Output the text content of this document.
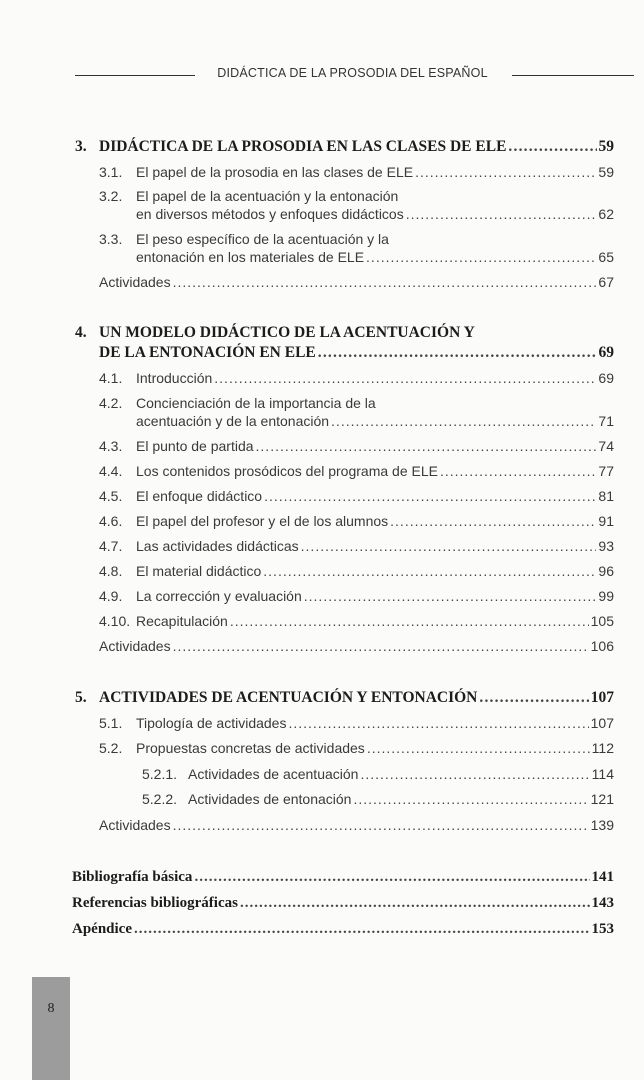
DIDÁCTICA DE LA PROSODIA DEL ESPAÑOL
3. DIDÁCTICA DE LA PROSODIA EN LAS CLASES DE ELE .....	59
3.1. El papel de la prosodia en las clases de ELE .....	59
3.2. El papel de la acentuación y la entonación
en diversos métodos y enfoques didácticos .....	62
3.3. El peso específico de la acentuación y la
entonación en los materiales de ELE .....	65
Actividades .....	67
4. UN MODELO DIDÁCTICO DE LA ACENTUACIÓN Y
DE LA ENTONACIÓN EN ELE .....	69
4.1. Introducción .....	69
4.2. Concienciación de la importancia de la
acentuación y de la entonación .....	71
4.3. El punto de partida .....	74
4.4. Los contenidos prosódicos del programa de ELE .....	77
4.5. El enfoque didáctico .....	81
4.6. El papel del profesor y el de los alumnos .....	91
4.7. Las actividades didácticas .....	93
4.8. El material didáctico .....	96
4.9. La corrección y evaluación .....	99
4.10. Recapitulación .....	105
Actividades .....	106
5. ACTIVIDADES DE ACENTUACIÓN Y ENTONACIÓN .....	107
5.1. Tipología de actividades .....	107
5.2. Propuestas concretas de actividades .....	112
5.2.1. Actividades de acentuación .....	114
5.2.2. Actividades de entonación .....	121
Actividades .....	139
Bibliografía básica .....	141
Referencias bibliográficas .....	143
Apéndice .....	153
8
